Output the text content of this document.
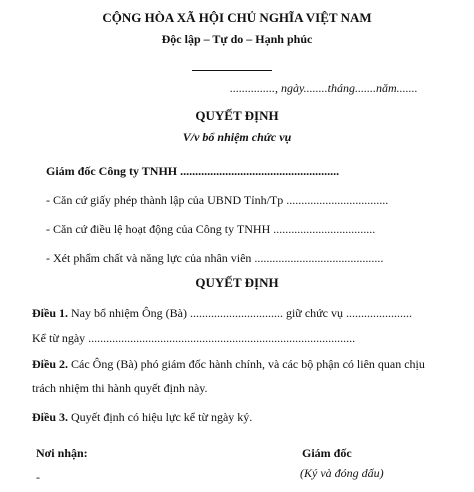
CỘNG HÒA XÃ HỘI CHỦ NGHĨA VIỆT NAM
Độc lập – Tự do – Hạnh phúc
..............., ngày........tháng.......năm.......
QUYẾT ĐỊNH
V/v bổ nhiệm chức vụ
Giám đốc Công ty TNHH .....................................................
- Căn cứ giấy phép thành lập của UBND Tỉnh/Tp ..................................
- Căn cứ điều lệ hoạt động của Công ty TNHH ..................................
- Xét phẩm chất và năng lực của nhân viên ...........................................
QUYẾT ĐỊNH
Điều 1. Nay bổ nhiệm Ông (Bà) ............................... giữ chức vụ ......................
Kể từ ngày .........................................................................................
Điều 2. Các Ông (Bà) phó giám đốc hành chính, và các bộ phận có liên quan chịu
trách nhiệm thi hành quyết định này.
Điều 3. Quyết định có hiệu lực kể từ ngày ký.
Nơi nhận:
-
Giám đốc
(Ký và đóng dấu)
